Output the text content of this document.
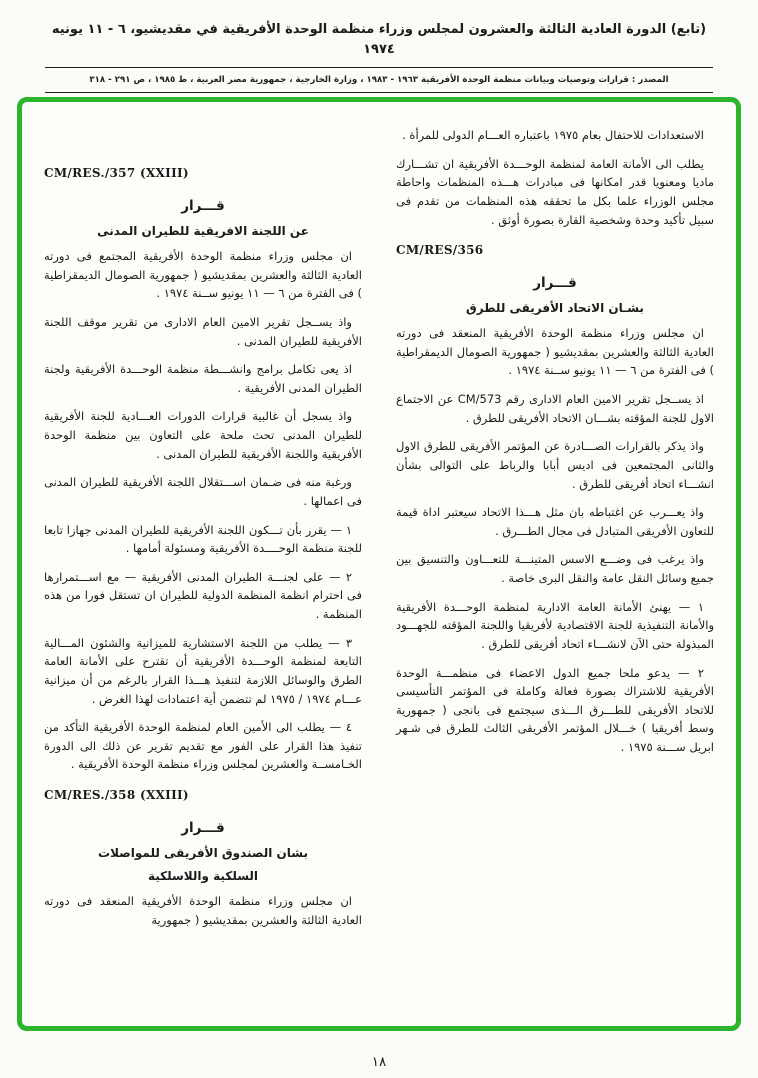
(تابع) الدورة العادية الثالثة والعشرون لمجلس وزراء منظمة الوحدة الأفريقية في مقديشيو، ٦ - ١١ يونيه ١٩٧٤
المصدر : قرارات وتوصيات وبيانات منظمة الوحدة الأفريقية ١٩٦٣ - ١٩٨٣ ، وزارة الخارجية ، جمهورية مصر العربية ، ط ١٩٨٥ ، ص ٢٩١ - ٣١٨
الاستعدادات للاحتفال بعام ١٩٧٥ باعتباره العـــام الدولى للمرأة .
يطلب الى الأمانة العامة لمنظمة الوحـــدة الأفريقية ان تشـــارك ماديا ومعنويا قدر امكانها فى مبادرات هـــذه المنظمات واحاطة مجلس الوزراء علما بكل ما تحققه هذه المنظمات من تقدم فى سبيل تأكيد وحدة وشخصية القارة بصورة أوثق .
CM/RES/356
قـــرار
بشـان الاتحاد الأفريقى للطرق
ان مجلس وزراء منظمة الوحدة الأفريقية المنعقد فى دورته العادية الثالثة والعشرين بمقديشيو ( جمهورية الصومال الديمقراطية ) فى الفترة من ٦ — ١١ يونيو ســنة ١٩٧٤ .
اذ يســجل تقرير الامين العام الادارى رقم CM/573 عن الاجتماع الاول للجنة المؤقته بشـــان الاتحاد الأفريقى للطرق .
واذ يذكر بالقرارات الصـــادرة عن المؤتمر الأفريقى للطرق الاول والثانى المجتمعين فى اديس أبابا والرباط على التوالى بشأن انشـــاء اتحاد أفريقى للطرق .
واذ يعـــرب عن اغتباطه بان مثل هـــذا الاتحاد سيعتبر اداة قيمة للتعاون الأفريقى المتبادل فى مجال الطـــرق .
واذ يرغب فى وضـــع الاسس المتينـــة للتعـــاون والتنسيق بين جميع وسائل النقل عامة والنقل البرى خاصة .
١ — يهنئ الأمانة العامة الادارية لمنظمة الوحـــدة الأفريقية والأمانة التنفيذية للجنة الاقتصادية لأفريقيا واللجنة المؤقته للجهـــود المبذولة حتى الآن لانشـــاء اتحاد أفريقى للطرق .
٢ — يدعو ملحا جميع الدول الاعضاء فى منظمـــة الوحدة الأفريقية للاشتراك بصورة فعالة وكاملة فى المؤتمر التأسيسى للاتحاد الأفريقى للطـــرق الـــذى سيجتمع فى بانجى ( جمهورية وسط أفريقيا ) خـــلال المؤتمر الأفريقى الثالث للطرق فى شـهر ابريل ســـنة ١٩٧٥ .
CM/RES./357 (XXIII)
قـــرار
عن اللجنة الافريقية للطيران المدنى
ان مجلس وزراء منظمة الوحدة الأفريقية المجتمع فى دورته العادية الثالثة والعشرين بمقديشيو ( جمهورية الصومال الديمقراطية ) فى الفترة من ٦ — ١١ يونيو ســنة ١٩٧٤ .
واذ يســجل تقرير الامين العام الادارى من تقرير موقف اللجنة الأفريقية للطيران المدنى .
اذ يعى تكامل برامج وانشـــطة منظمة الوحـــدة الأفريقية ولجنة الطيران المدنى الأفريقية .
واذ يسجل أن غالبية قرارات الدورات العـــادية للجنة الأفريقية للطيران المدنى تحث ملحة على التعاون بين منظمة الوحدة الأفريقية واللجنة الأفريقية للطيران المدنى .
ورغبة منه فى ضـمان اســـتقلال اللجنة الأفريقية للطيران المدنى فى اعمالها .
١ — يقرر بأن تـــكون اللجنة الأفريقية للطيران المدنى جهازا تابعا للجنة منظمة الوحــــدة الأفريقية ومسئولة أمامها .
٢ — على لجنـــة الطيران المدنى الأفريقية — مع اســـتمرارها فى احترام انظمة المنظمة الدولية للطيران ان تستقل فورا من هذه المنظمة .
٣ — يطلب من اللجنة الاستشارية للميزانية والشئون المـــالية التابعة لمنظمة الوحـــدة الأفريقية أن تقترح على الأمانة العامة الطرق والوسائل اللازمة لتنفيذ هـــذا القرار بالرغم من أن ميزانية عـــام ١٩٧٤ / ١٩٧٥ لم تتضمن أية اعتمادات لهذا الغرض .
٤ — يطلب الى الأمين العام لمنظمة الوحدة الأفريقية التأكد من تنفيذ هذا القرار على الفور مع تقديم تقرير عن ذلك الى الدورة الخـامســة والعشرين لمجلس وزراء منظمة الوحدة الأفريقية .
CM/RES./358 (XXIII)
قـــرار
بشان الصندوق الأفريقى للمواصلات
السلكية واللاسلكية
ان مجلس وزراء منظمة الوحدة الأفريقية المنعقد فى دورته العادية الثالثة والعشرين بمقديشيو ( جمهورية
١٨
